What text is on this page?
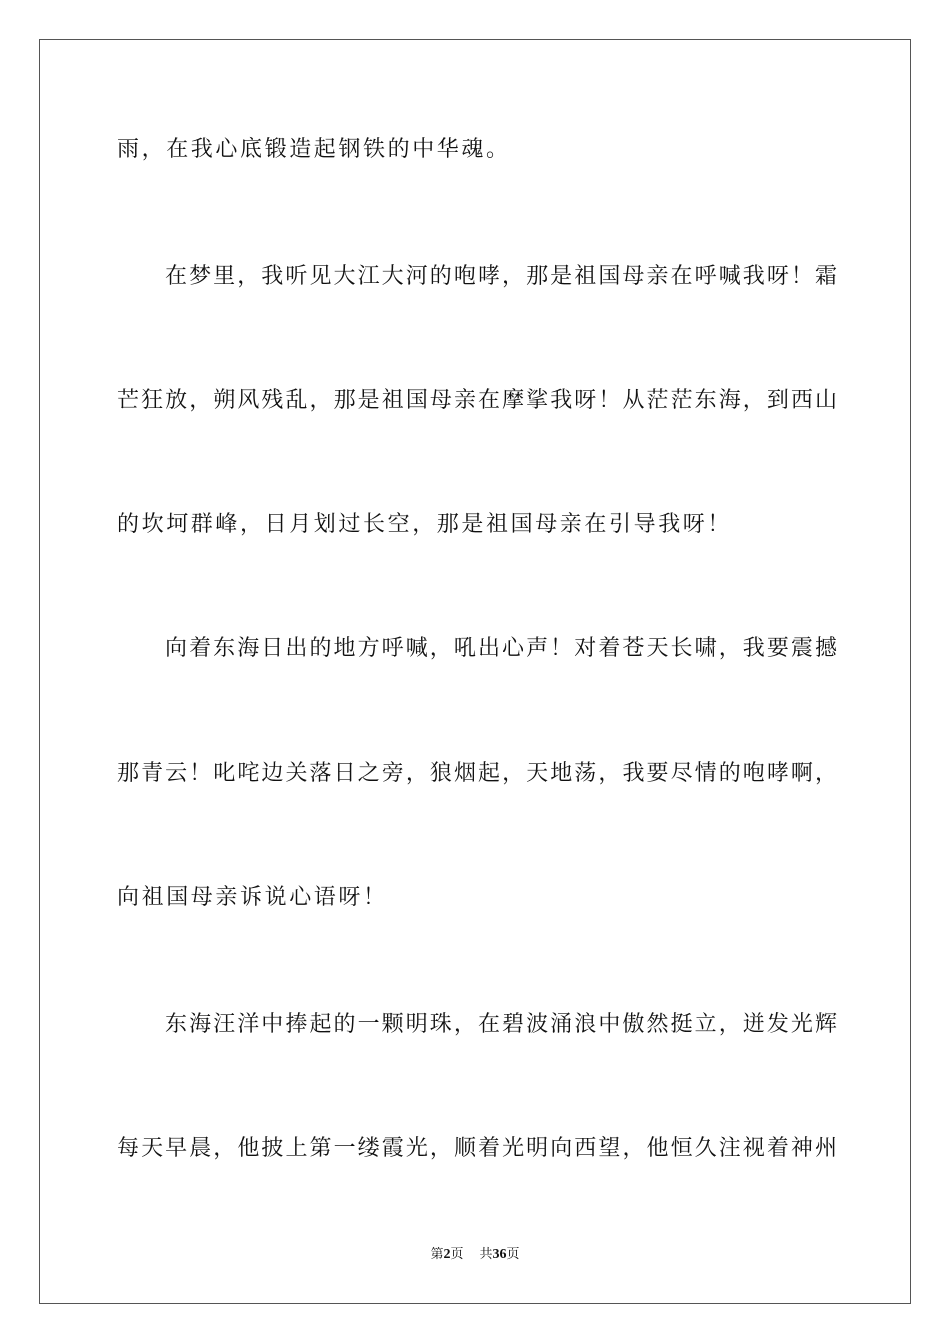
雨，在我心底锻造起钢铁的中华魂。
在梦里，我听见大江大河的咆哮，那是祖国母亲在呼喊我呀！霜
芒狂放，朔风残乱，那是祖国母亲在摩挲我呀！从茫茫东海，到西山
的坎坷群峰，日月划过长空，那是祖国母亲在引导我呀！
向着东海日出的地方呼喊，吼出心声！对着苍天长啸，我要震撼
那青云！叱咤边关落日之旁，狼烟起，天地荡，我要尽情的咆哮啊，
向祖国母亲诉说心语呀！
东海汪洋中捧起的一颗明珠，在碧波涌浪中傲然挺立，迸发光辉
每天早晨，他披上第一缕霞光，顺着光明向西望，他恒久注视着神州
第2页 共36页
